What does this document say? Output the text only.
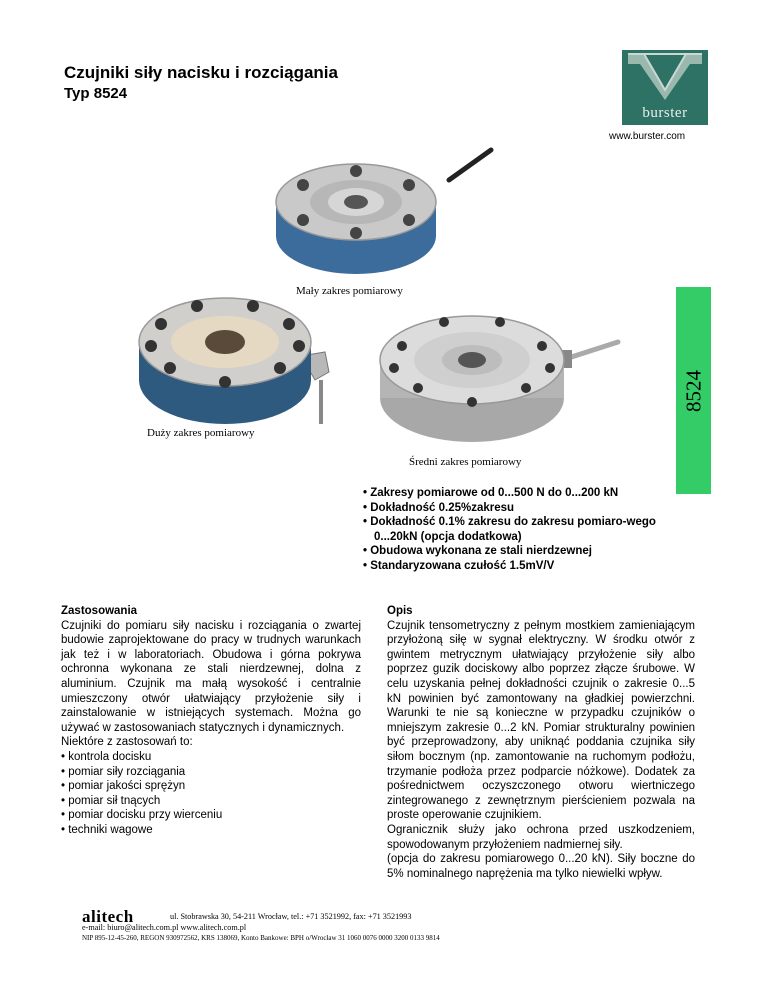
Czujniki siły nacisku i rozciągania
Typ 8524
burster
www.burster.com
8524
Mały zakres pomiarowy
Duży zakres pomiarowy
Średni zakres pomiarowy
• Zakresy pomiarowe od 0...500 N do 0...200 kN
• Dokładność 0.25%zakresu
• Dokładność 0.1% zakresu do zakresu pomiaro-wego 0...20kN (opcja dodatkowa)
• Obudowa wykonana ze stali nierdzewnej
• Standaryzowana czułość 1.5mV/V
Zastosowania
Czujniki do pomiaru siły nacisku i rozciągania o zwartej budowie zaprojektowane do pracy w trudnych warunkach jak też i w laboratoriach. Obudowa i górna pokrywa ochronna wykonana ze stali nierdzewnej, dolna z aluminium. Czujnik ma małą wysokość i centralnie umieszczony otwór ułatwiający przyłożenie siły i zainstalowanie w istniejących systemach. Można go używać w zastosowaniach statycznych i dynamicznych.
Niektóre z zastosowań to:
• kontrola docisku
• pomiar siły rozciągania
• pomiar jakości sprężyn
• pomiar sił tnących
• pomiar docisku przy wierceniu
• techniki wagowe
Opis
Czujnik tensometryczny z pełnym mostkiem zamieniającym przyłożoną siłę w sygnał elektryczny. W środku otwór z gwintem metrycznym ułatwiający przyłożenie siły albo poprzez guzik dociskowy albo poprzez złącze śrubowe. W celu uzyskania pełnej dokładności czujnik o zakresie 0...5 kN powinien być zamontowany na gładkiej powierzchni. Warunki te nie są konieczne w przypadku czujników o mniejszym zakresie 0...2 kN. Pomiar strukturalny powinien być przeprowadzony, aby uniknąć poddania czujnika siły siłom bocznym (np. zamontowanie na ruchomym podłożu, trzymanie podłoża przez podparcie nóżkowe). Dodatek za pośrednictwem oczyszczonego otworu wiertniczego zintegrowanego z zewnętrznym pierścieniem pozwala na proste operowanie czujnikiem.
Ogranicznik służy jako ochrona przed uszkodzeniem, spowodowanym przyłożeniem nadmiernej siły.
(opcja do zakresu pomiarowego 0...20 kN). Siły boczne do 5% nominalnego naprężenia ma tylko niewielki wpływ.
alitech	ul. Stobrawska 30, 54-211 Wrocław, tel.: +71 3521992, fax: +71 3521993
e-mail: biuro@alitech.com.pl www.alitech.com.pl
NIP 895-12-45-260, REGON 930972562, KRS 138069, Konto Bankowe: BPH o/Wrocław 31 1060 0076 0000 3200 0133 9814
